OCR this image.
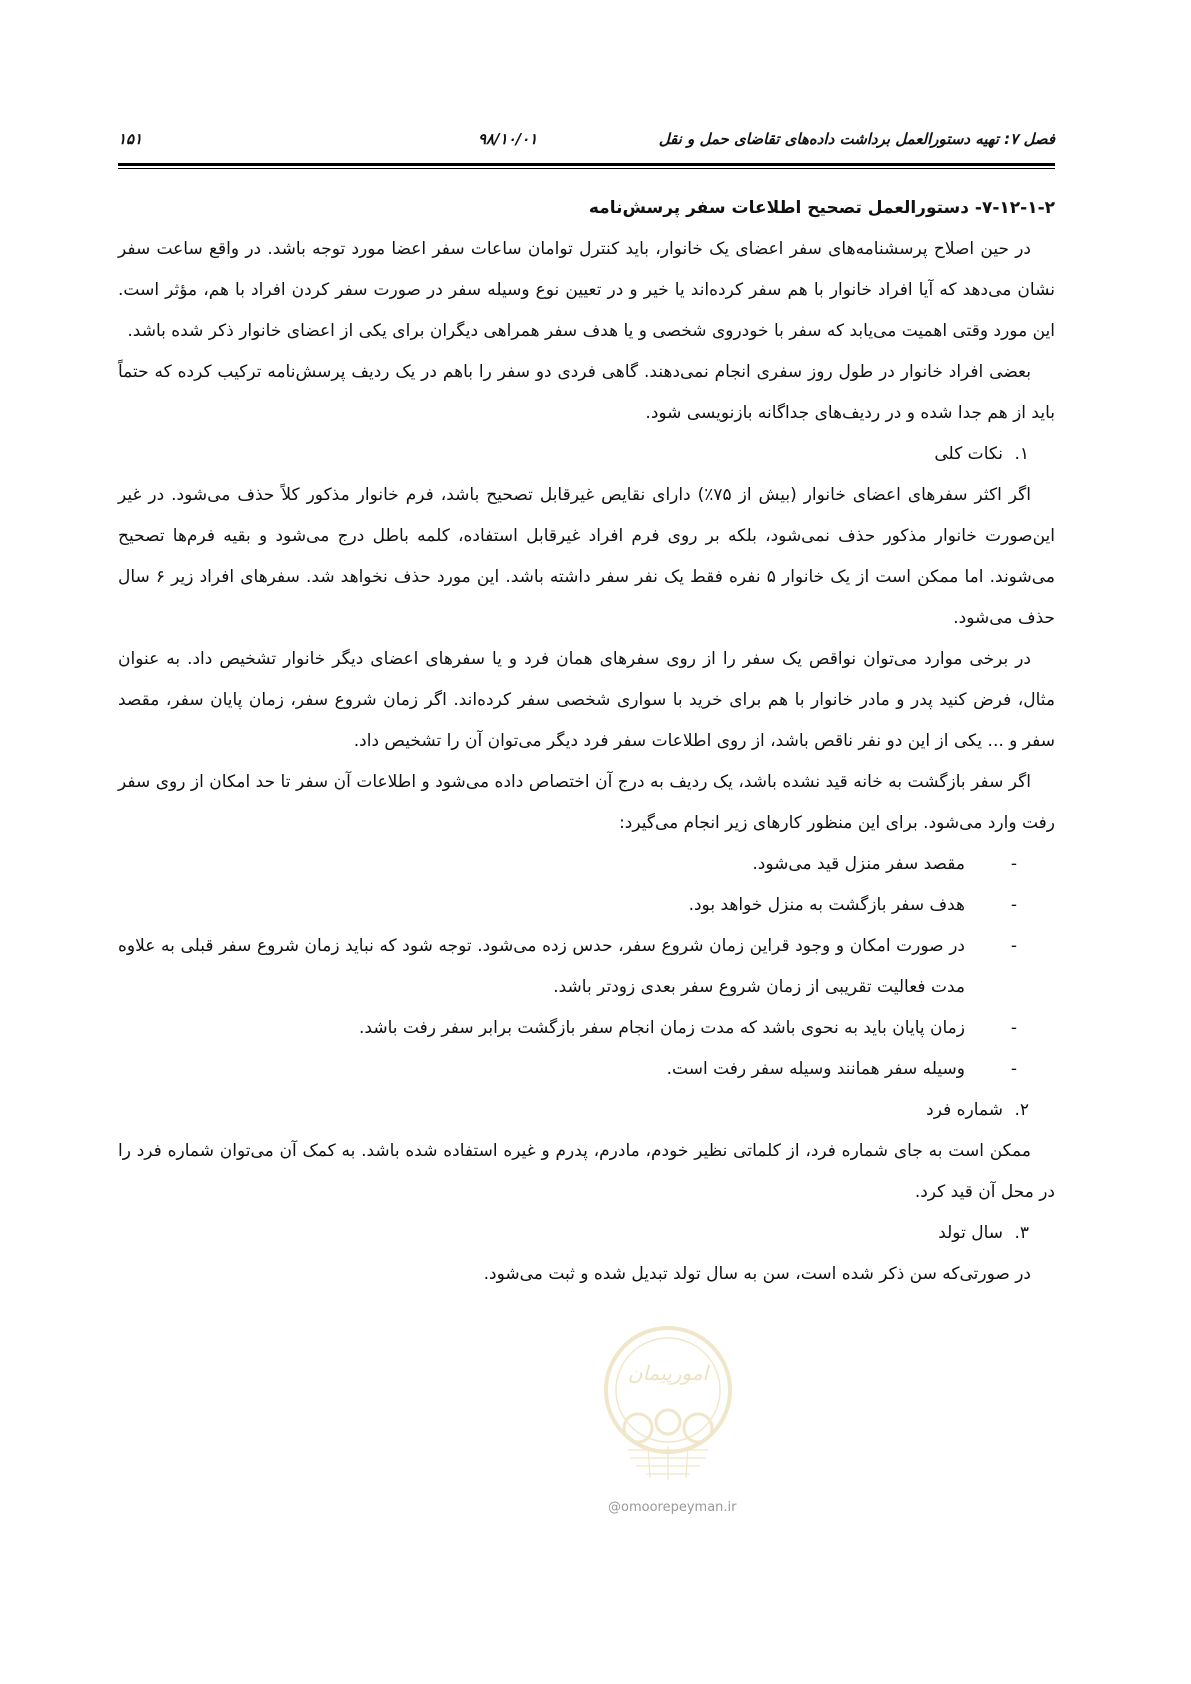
فصل ۷: تهیه دستورالعمل برداشت داده‌های تقاضای حمل و نقل
۹۸/۱۰/۰۱
۱۵۱

۷-۱۲-۱-۲- دستورالعمل تصحیح اطلاعات سفر پرسش‌نامه

در حین اصلاح پرسشنامه‌های سفر اعضای یک خانوار، باید کنترل توامان ساعات سفر اعضا مورد توجه باشد. در واقع ساعت سفر نشان می‌دهد که آیا افراد خانوار با هم سفر کرده‌اند یا خیر و در تعیین نوع وسیله سفر در صورت سفر کردن افراد با هم، مؤثر است. این مورد وقتی اهمیت می‌یابد که سفر با خودروی شخصی و یا هدف سفر همراهی دیگران برای یکی از اعضای خانوار ذکر شده باشد.

بعضی افراد خانوار در طول روز سفری انجام نمی‌دهند. گاهی فردی دو سفر را باهم در یک ردیف پرسش‌نامه ترکیب کرده که حتماً باید از هم جدا شده و در ردیف‌های جداگانه بازنویسی شود.

۱.نکات کلی

اگر اکثر سفرهای اعضای خانوار (بیش از ۷۵٪) دارای نقایص غیرقابل تصحیح باشد، فرم خانوار مذکور کلاً حذف می‌شود. در غیر این‌صورت خانوار مذکور حذف نمی‌شود، بلکه بر روی فرم افراد غیرقابل استفاده، کلمه باطل درج می‌شود و بقیه فرم‌ها تصحیح می‌شوند. اما ممکن است از یک خانوار ۵ نفره فقط یک نفر سفر داشته باشد. این مورد حذف نخواهد شد. سفرهای افراد زیر ۶ سال حذف می‌شود.

در برخی موارد می‌توان نواقص یک سفر را از روی سفرهای همان فرد و یا سفرهای اعضای دیگر خانوار تشخیص داد. به عنوان مثال، فرض کنید پدر و مادر خانوار با هم برای خرید با سواری شخصی سفر کرده‌اند. اگر زمان شروع سفر، زمان پایان سفر، مقصد سفر و ... یکی از این دو نفر ناقص باشد، از روی اطلاعات سفر فرد دیگر می‌توان آن را تشخیص داد.

اگر سفر بازگشت به خانه قید نشده باشد، یک ردیف به درج آن اختصاص داده می‌شود و اطلاعات آن سفر تا حد امکان از روی سفر رفت وارد می‌شود. برای این منظور کارهای زیر انجام می‌گیرد:

-
مقصد سفر منزل قید می‌شود.
-
هدف سفر بازگشت به منزل خواهد بود.
-
در صورت امکان و وجود قراین زمان شروع سفر، حدس زده می‌شود. توجه شود که نباید زمان شروع سفر قبلی به علاوه مدت فعالیت تقریبی از زمان شروع سفر بعدی زودتر باشد.
-
زمان پایان باید به نحوی باشد که مدت زمان انجام سفر بازگشت برابر سفر رفت باشد.
-
وسیله سفر همانند وسیله سفر رفت است.

۲.شماره فرد

ممکن است به جای شماره فرد، از کلماتی نظیر خودم، مادرم، پدرم و غیره استفاده شده باشد. به کمک آن می‌توان شماره فرد را در محل آن قید کرد.

۳.سال تولد

در صورتی‌که سن ذکر شده است، سن به سال تولد تبدیل شده و ثبت می‌شود.

امورپیمان
@omoorepeyman.ir
